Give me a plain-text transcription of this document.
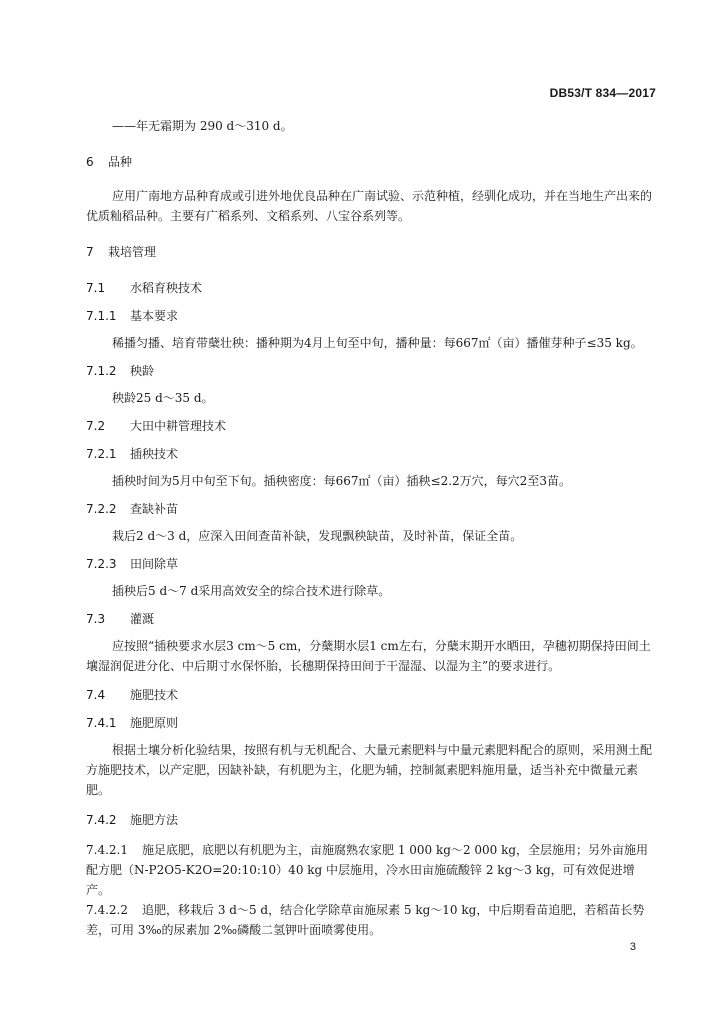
DB53/T 834—2017

——年无霜期为 290 d～310 d。

6 品种

应用广南地方品种育成或引进外地优良品种在广南试验、示范种植，经驯化成功，并在当地生产出来的优质籼稻品种。主要有广稻系列、文稻系列、八宝谷系列等。

7 栽培管理

7.1 水稻育秧技术

7.1.1 基本要求

稀播匀播、培育带蘖壮秧：播种期为4月上旬至中旬，播种量：每667㎡（亩）播催芽种子≤35 kg。

7.1.2 秧龄

秧龄25 d～35 d。

7.2 大田中耕管理技术

7.2.1 插秧技术

插秧时间为5月中旬至下旬。插秧密度：每667㎡（亩）插秧≤2.2万穴，每穴2至3苗。

7.2.2 查缺补苗

栽后2 d～3 d，应深入田间查苗补缺，发现飘秧缺苗，及时补苗，保证全苗。

7.2.3 田间除草

插秧后5 d～7 d采用高效安全的综合技术进行除草。

7.3 灌溉

应按照“插秧要求水层3 cm～5 cm，分蘖期水层1 cm左右，分蘖末期开水晒田，孕穗初期保持田间土壤湿润促进分化、中后期寸水保怀胎，长穗期保持田间于干湿湿、以湿为主”的要求进行。

7.4 施肥技术

7.4.1 施肥原则

根据土壤分析化验结果，按照有机与无机配合、大量元素肥料与中量元素肥料配合的原则，采用测土配方施肥技术，以产定肥，因缺补缺，有机肥为主，化肥为辅，控制氮素肥料施用量，适当补充中微量元素肥。

7.4.2 施肥方法

7.4.2.1 施足底肥，底肥以有机肥为主，亩施腐熟农家肥 1 000 kg～2 000 kg，全层施用；另外亩施用配方肥（N-P2O5-K2O=20:10:10）40 kg 中层施用，冷水田亩施硫酸锌 2 kg～3 kg，可有效促进增产。

7.4.2.2 追肥，移栽后 3 d～5 d，结合化学除草亩施尿素 5 kg～10 kg，中后期看苗追肥，若稻苗长势差，可用 3‰的尿素加 2‰磷酸二氢钾叶面喷雾使用。

3
